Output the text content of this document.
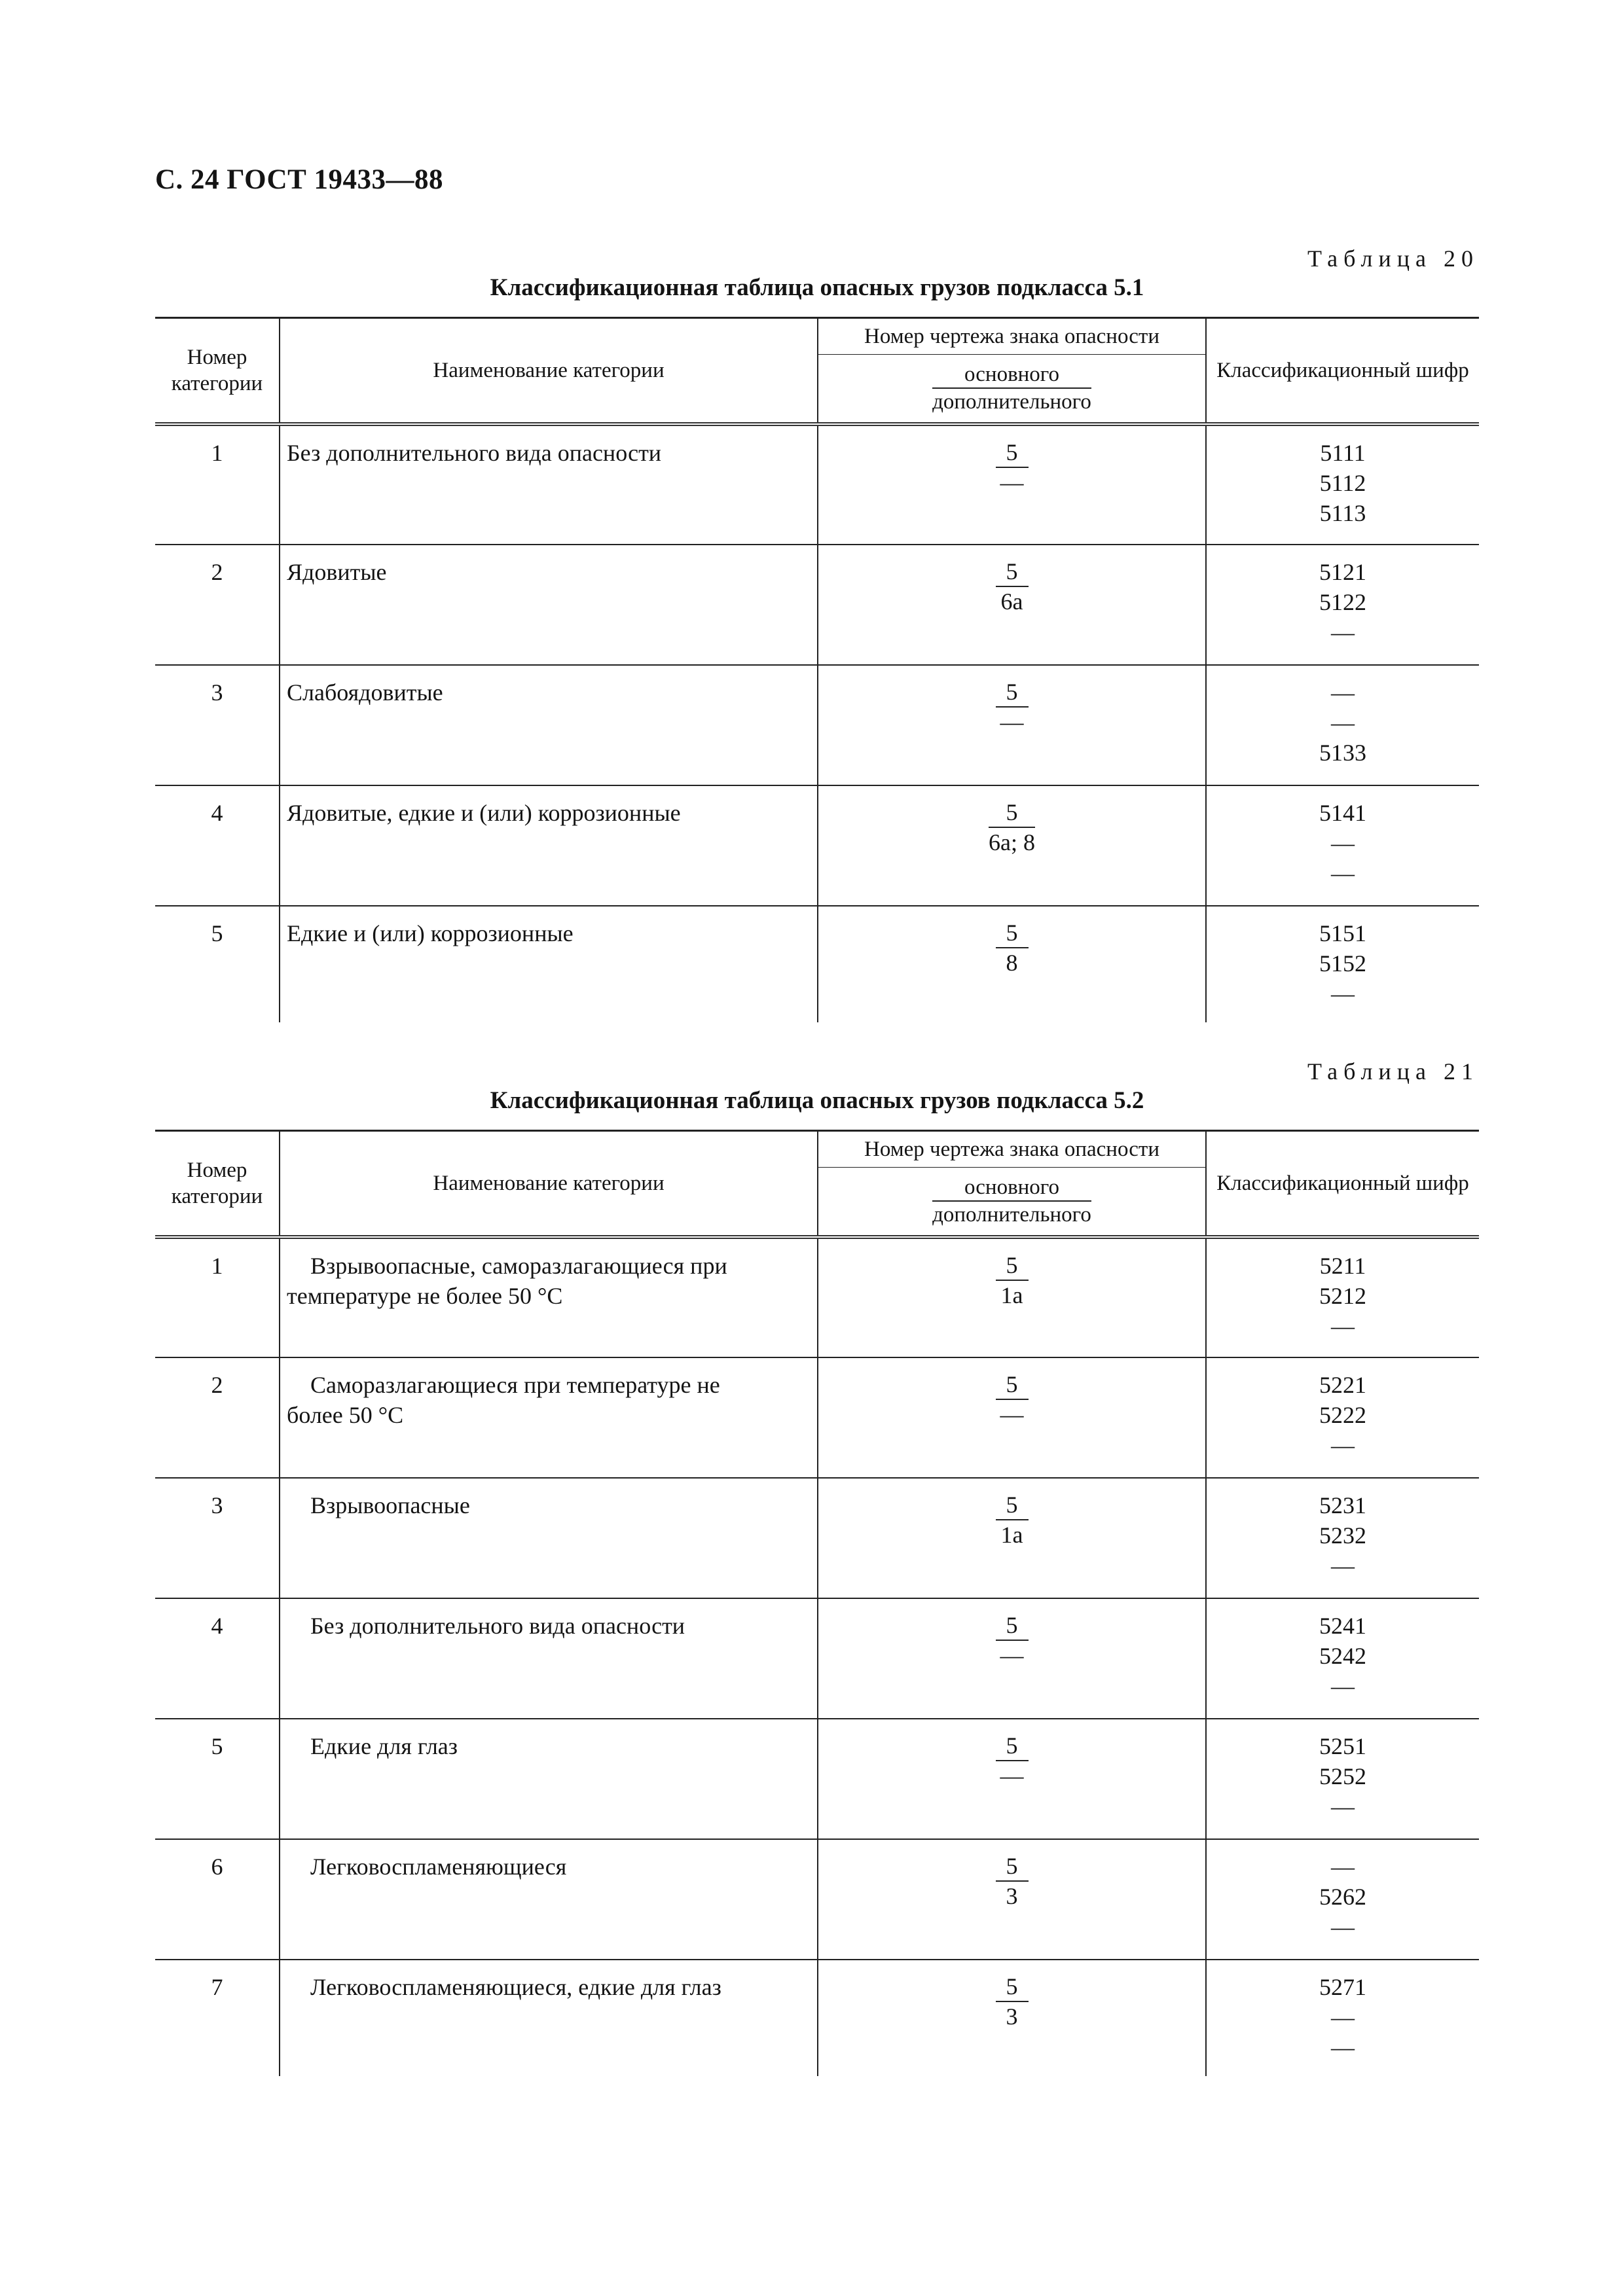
С. 24 ГОСТ 19433—88
Таблица 20
Классификационная таблица опасных грузов подкласса 5.1
Номер категории	Наименование категории	Номер чертежа знака опасности	Классификационный шифр

		основного
дополнительного	

1	Без дополнительного вида опасности	$\frac{5}{—}$	5111
5112
5113

2	Ядовитые	$\frac{5}{6а}$	5121
5122
—

3	Слабоядовитые	$\frac{5}{—}$	—
—
5133

4	Ядовитые, едкие и (или) коррозионные	$\frac{5}{6а; 8}$	5141
—
—

5	Едкие и (или) коррозионные	$\frac{5}{8}$	5151
5152
—
Таблица 21
Классификационная таблица опасных грузов подкласса 5.2
Номер категории	Наименование категории	Номер чертежа знака опасности	Классификационный шифр

		основного
дополнительного	

1	Взрывоопасные, саморазлагающиеся при
температуре не более 50 °С	$\frac{5}{1а}$	5211
5212
—

2	Саморазлагающиеся при температуре не
более 50 °С	$\frac{5}{—}$	5221
5222
—

3	Взрывоопасные	$\frac{5}{1а}$	5231
5232
—

4	Без дополнительного вида опасности	$\frac{5}{—}$	5241
5242
—

5	Едкие для глаз	$\frac{5}{—}$	5251
5252
—

6	Легковоспламеняющиеся	$\frac{5}{3}$	—
5262
—

7	Легковоспламеняющиеся, едкие для глаз	$\frac{5}{3}$	5271
—
—
